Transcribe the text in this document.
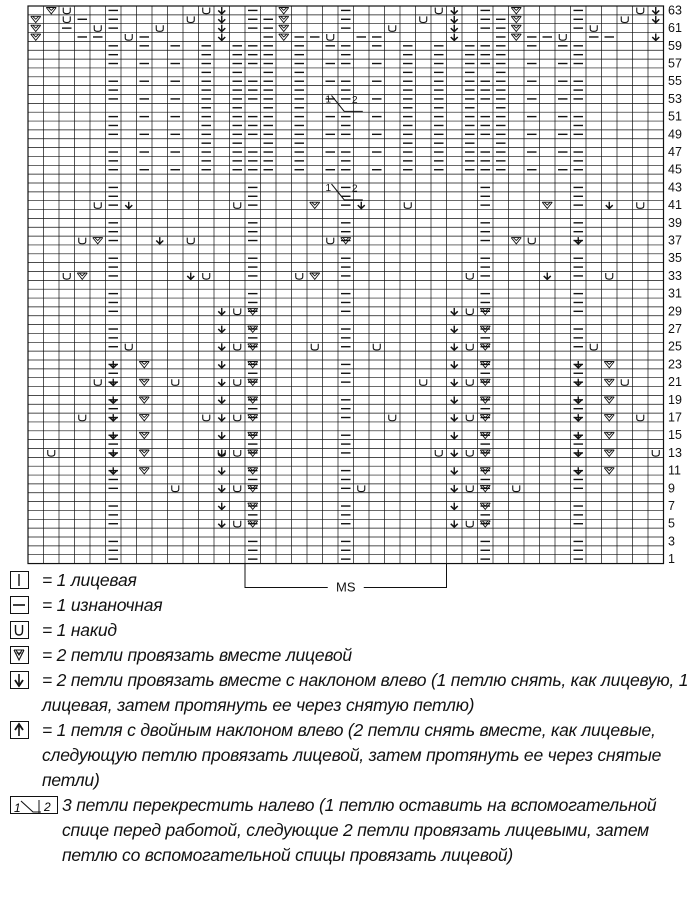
1 2
1 2
63
61
59
57
55
53
51
49
47
45
43
41
39
37
35
33
31
29
27
25
23
21
19
17
15
13
11
9
7
5
3
1
MS
= 1 лицевая
= 1 изнаночная
= 1 накид
= 2 петли провязать вместе лицевой
= 2 петли провязать вместе с наклоном влево (1 петлю снять, как лицевую, 1 лицевая, затем протянуть ее через снятую петлю)
= 1 петля с двойным наклоном влево (2 петли снять вместе, как лицевые, следующую петлю провязать лицевой, затем протянуть ее через снятые петли)
1 2 3 петли перекрестить налево (1 петлю оставить на вспомогательной спице перед работой, следующие 2 петли провязать лицевыми, затем петлю со вспомогательной спицы провязать лицевой)
